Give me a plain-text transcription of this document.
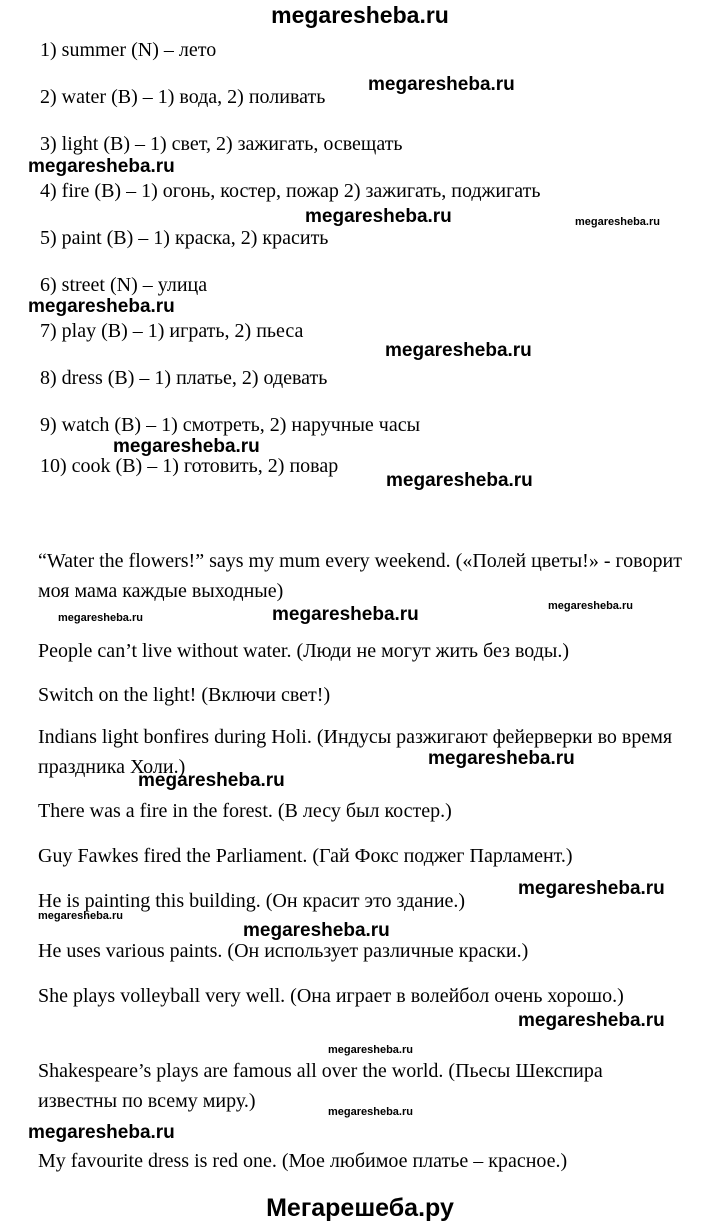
megaresheba.ru
1) summer (N) – лето
2) water (B) – 1) вода, 2) поливать
3) light (B) – 1) свет, 2) зажигать, освещать
4) fire (B) – 1) огонь, костер, пожар 2) зажигать, поджигать
5) paint (B) – 1) краска, 2) красить
6) street (N) – улица
7) play (B) – 1) играть, 2) пьеса
8) dress (B) – 1) платье, 2) одевать
9) watch (B) – 1) смотреть, 2) наручные часы
10) cook (B) – 1) готовить, 2) повар
“Water the flowers!” says my mum every weekend. («Полей цветы!» - говорит моя мама каждые выходные)
People can’t live without water. (Люди не могут жить без воды.)
Switch on the light! (Включи свет!)
Indians light bonfires during Holi. (Индусы разжигают фейерверки во время праздника Холи.)
There was a fire in the forest. (В лесу был костер.)
Guy Fawkes fired the Parliament. (Гай Фокс поджег Парламент.)
He is painting this building. (Он красит это здание.)
He uses various paints. (Он использует различные краски.)
She plays volleyball very well. (Она играет в волейбол очень хорошо.)
Shakespeare’s plays are famous all over the world. (Пьесы Шекспира известны по всему миру.)
My favourite dress is red one. (Мое любимое платье – красное.)
megaresheba.ru
megaresheba.ru
megaresheba.ru	megaresheba.ru
megaresheba.ru
megaresheba.ru
megaresheba.ru
megaresheba.ru
megaresheba.ru	megaresheba.ru	megaresheba.ru
megaresheba.ru
megaresheba.ru
megaresheba.ru
megaresheba.ru
megaresheba.ru
megaresheba.ru
megaresheba.ru
megaresheba.ru
megaresheba.ru
Мегарешеба.ру
